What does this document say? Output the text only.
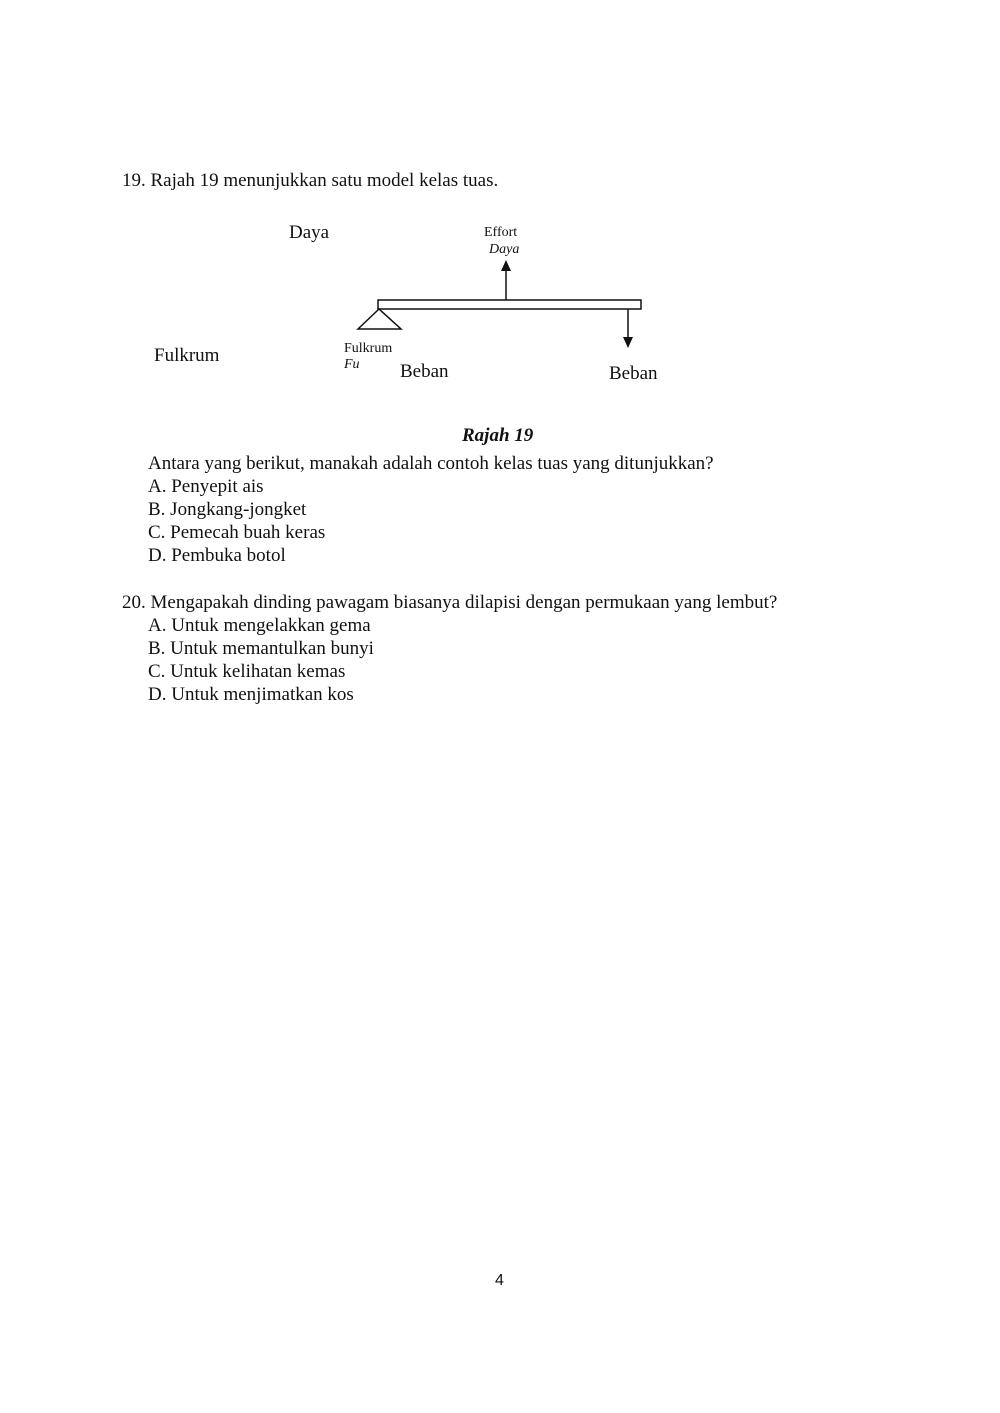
19. Rajah 19 menunjukkan satu model kelas tuas.
Daya
Fulkrum
Beban	Beban
Effort
Daya
Fulkrum
Fu
Rajah 19
Antara yang berikut, manakah adalah contoh kelas tuas yang ditunjukkan?
A. Penyepit ais
B. Jongkang-jongket
C. Pemecah buah keras
D. Pembuka botol
20. Mengapakah dinding pawagam biasanya dilapisi dengan permukaan yang lembut?
A. Untuk mengelakkan gema
B. Untuk memantulkan bunyi
C. Untuk kelihatan kemas
D. Untuk menjimatkan kos
4
